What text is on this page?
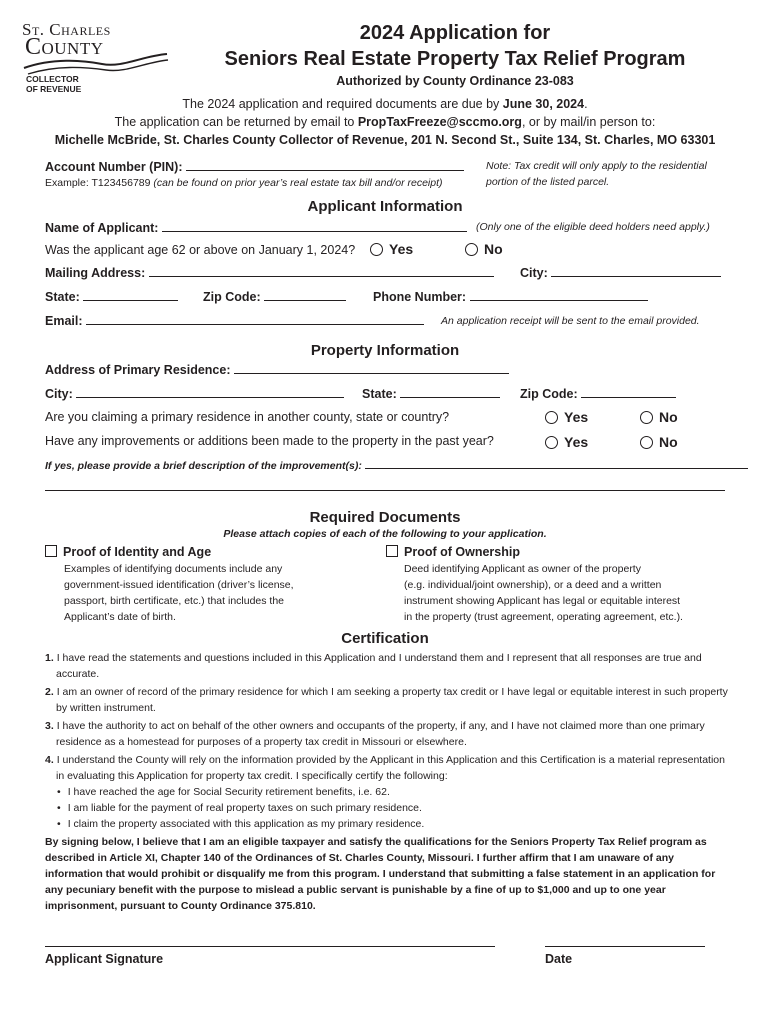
St. Charles
County
COLLECTOR
OF REVENUE
2024 Application for
Seniors Real Estate Property Tax Relief Program
Authorized by County Ordinance 23-083
The 2024 application and required documents are due by June 30, 2024.
The application can be returned by email to PropTaxFreeze@sccmo.org, or by mail/in person to:
Michelle McBride, St. Charles County Collector of Revenue, 201 N. Second St., Suite 134, St. Charles, MO 63301
Account Number (PIN):
Example: T123456789 (can be found on prior year’s real estate tax bill and/or receipt)
Note: Tax credit will only apply to the residential
portion of the listed parcel.
Applicant Information
Name of Applicant:	(Only one of the eligible deed holders need apply.)
Was the applicant age 62 or above on January 1, 2024?	Yes	No
Mailing Address:	City:
State:	Zip Code:	Phone Number:
Email:	An application receipt will be sent to the email provided.
Property Information
Address of Primary Residence:
City:	State:	Zip Code:
Are you claiming a primary residence in another county, state or country?	Yes	No
Have any improvements or additions been made to the property in the past year?	Yes	No
If yes, please provide a brief description of the improvement(s):
Required Documents
Please attach copies of each of the following to your application.
Proof of Identity and Age
Examples of identifying documents include any
government-issued identification (driver’s license,
passport, birth certificate, etc.) that includes the
Applicant’s date of birth.
Proof of Ownership
Deed identifying Applicant as owner of the property
(e.g. individual/joint ownership), or a deed and a written
instrument showing Applicant has legal or equitable interest
in the property (trust agreement, operating agreement, etc.).
Certification
1. I have read the statements and questions included in this Application and I understand them and I represent that all responses are true and accurate.
2. I am an owner of record of the primary residence for which I am seeking a property tax credit or I have legal or equitable interest in such property by written instrument.
3. I have the authority to act on behalf of the other owners and occupants of the property, if any, and I have not claimed more than one primary residence as a homestead for purposes of a property tax credit in Missouri or elsewhere.
4. I understand the County will rely on the information provided by the Applicant in this Application and this Certification is a material representation in evaluating this Application for property tax credit. I specifically certify the following:
• I have reached the age for Social Security retirement benefits, i.e. 62.
• I am liable for the payment of real property taxes on such primary residence.
• I claim the property associated with this application as my primary residence.
By signing below, I believe that I am an eligible taxpayer and satisfy the qualifications for the Seniors Property Tax Relief program as described in Article XI, Chapter 140 of the Ordinances of St. Charles County, Missouri. I further affirm that I am unaware of any information that would prohibit or disqualify me from this program. I understand that submitting a false statement in an application for any pecuniary benefit with the purpose to mislead a public servant is punishable by a fine of up to $1,000 and up to one year imprisonment, pursuant to County Ordinance 375.810.
Applicant Signature	Date
